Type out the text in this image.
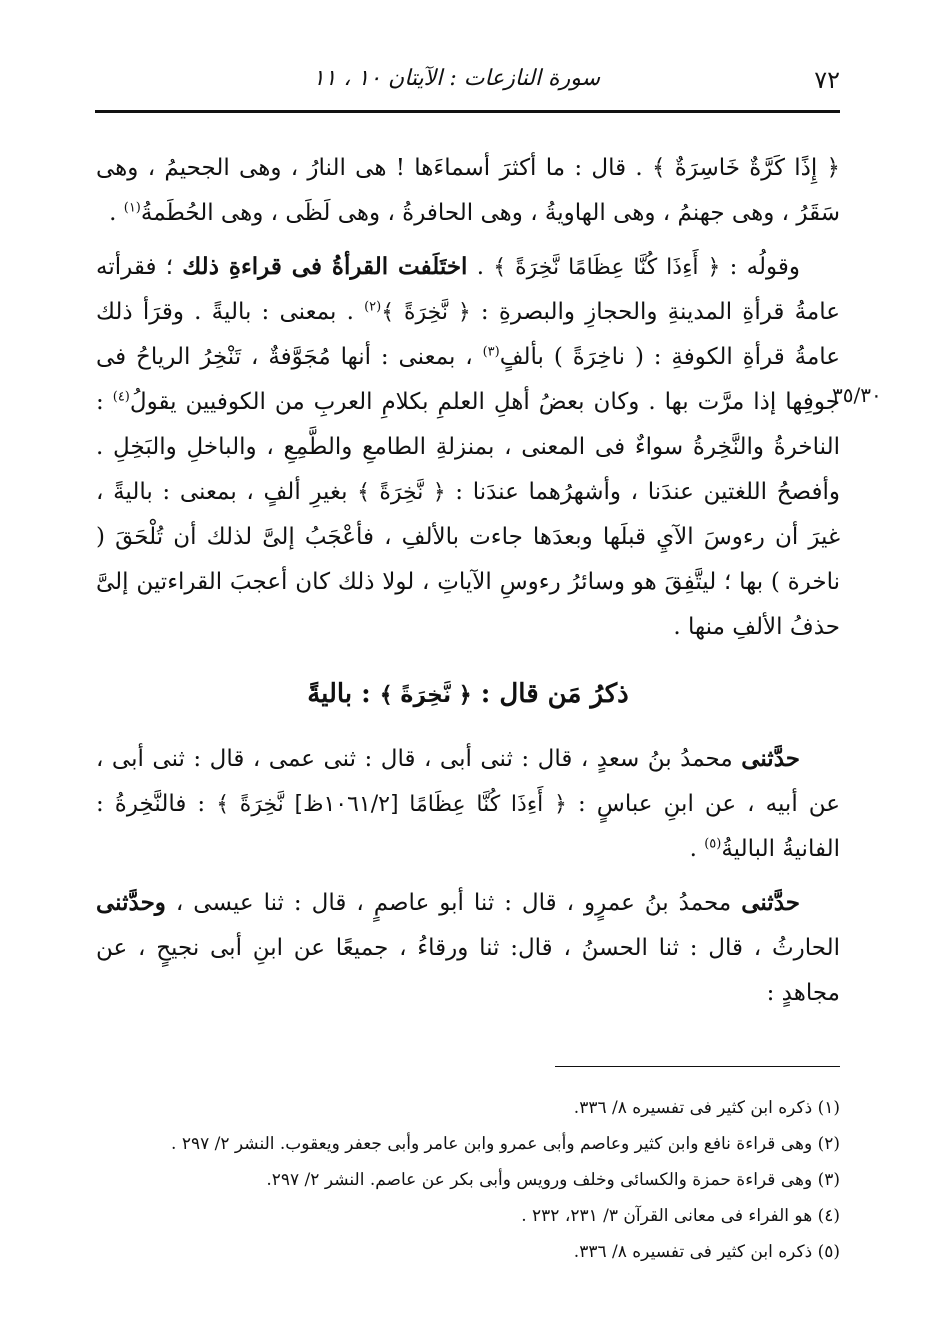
٧٢
سورة النازعات : الآيتان ١٠ ، ١١
٣٥/٣٠

﴿ إِذًا كَرَّةٌ خَاسِرَةٌ ﴾ . قال : ما أكثرَ أسماءَها ! هى النارُ ، وهى الجحيمُ ، وهى سَقَرُ ، وهى جهنمُ ، وهى الهاويةُ ، وهى الحافرةُ ، وهى لَظَى ، وهى الحُطَمةُ$^{(١)}$ .

وقولُه : ﴿ أَءِذَا كُنَّا عِظَامًا نَّخِرَةً ﴾ . اختَلَفت القرأةُ فى قراءةِ ذلك ؛ فقرأته عامةُ قرأةِ المدينةِ والحجازِ والبصرةِ : ﴿ نَّخِرَةً ﴾$^{(٢)}$ . بمعنى : باليةً . وقرَأ ذلك عامةُ قرأةِ الكوفةِ : ( ناخِرَةً ) بألفٍ$^{(٣)}$ ، بمعنى : أنها مُجَوَّفةٌ ، تَنْخِرُ الرياحُ فى جوفِها إذا مرَّت بها . وكان بعضُ أهلِ العلمِ بكلامِ العربِ من الكوفيين يقولُ$^{(٤)}$ : الناخرةُ والنَّخِرةُ سواءٌ فى المعنى ، بمنزلةِ الطامعِ والطَّمِعِ ، والباخلِ والبَخِلِ . وأفصحُ اللغتين عندَنا ، وأشهرُهما عندَنا : ﴿ نَّخِرَةً ﴾ بغيرِ ألفٍ ، بمعنى : باليةً ، غيرَ أن رءوسَ الآيِ قبلَها وبعدَها جاءت بالألفِ ، فأعْجَبُ إلىَّ لذلك أن تُلْحَقَ ( ناخرة ) بها ؛ ليتَّفِقَ هو وسائرُ رءوسِ الآياتِ ، لولا ذلك كان أعجبَ القراءتين إلىَّ حذفُ الألفِ منها .

ذكرُ مَن قال : ﴿ نَّخِرَةً ﴾ : باليةً

حدَّثنى محمدُ بنُ سعدٍ ، قال : ثنى أبى ، قال : ثنى عمى ، قال : ثنى أبى ، عن أبيه ، عن ابنِ عباسٍ : ﴿ أَءِذَا كُنَّا عِظَامًا [١٠٦١/٢ظ] نَّخِرَةً ﴾ : فالنَّخِرةُ : الفانيةُ الباليةُ$^{(٥)}$ .

حدَّثنى محمدُ بنُ عمرٍو ، قال : ثنا أبو عاصمٍ ، قال : ثنا عيسى ، وحدَّثنى الحارثُ ، قال : ثنا الحسنُ ، قال: ثنا ورقاءُ ، جميعًا عن ابنِ أبى نجيحٍ ، عن مجاهدٍ :

(١) ذكره ابن كثير فى تفسيره ٨/ ٣٣٦.
(٢) وهى قراءة نافع وابن كثير وعاصم وأبى عمرو وابن عامر وأبى جعفر ويعقوب. النشر ٢/ ٢٩٧ .
(٣) وهى قراءة حمزة والكسائى وخلف ورويس وأبى بكر عن عاصم. النشر ٢/ ٢٩٧.
(٤) هو الفراء فى معانى القرآن ٣/ ٢٣١، ٢٣٢ .
(٥) ذكره ابن كثير فى تفسيره ٨/ ٣٣٦.
